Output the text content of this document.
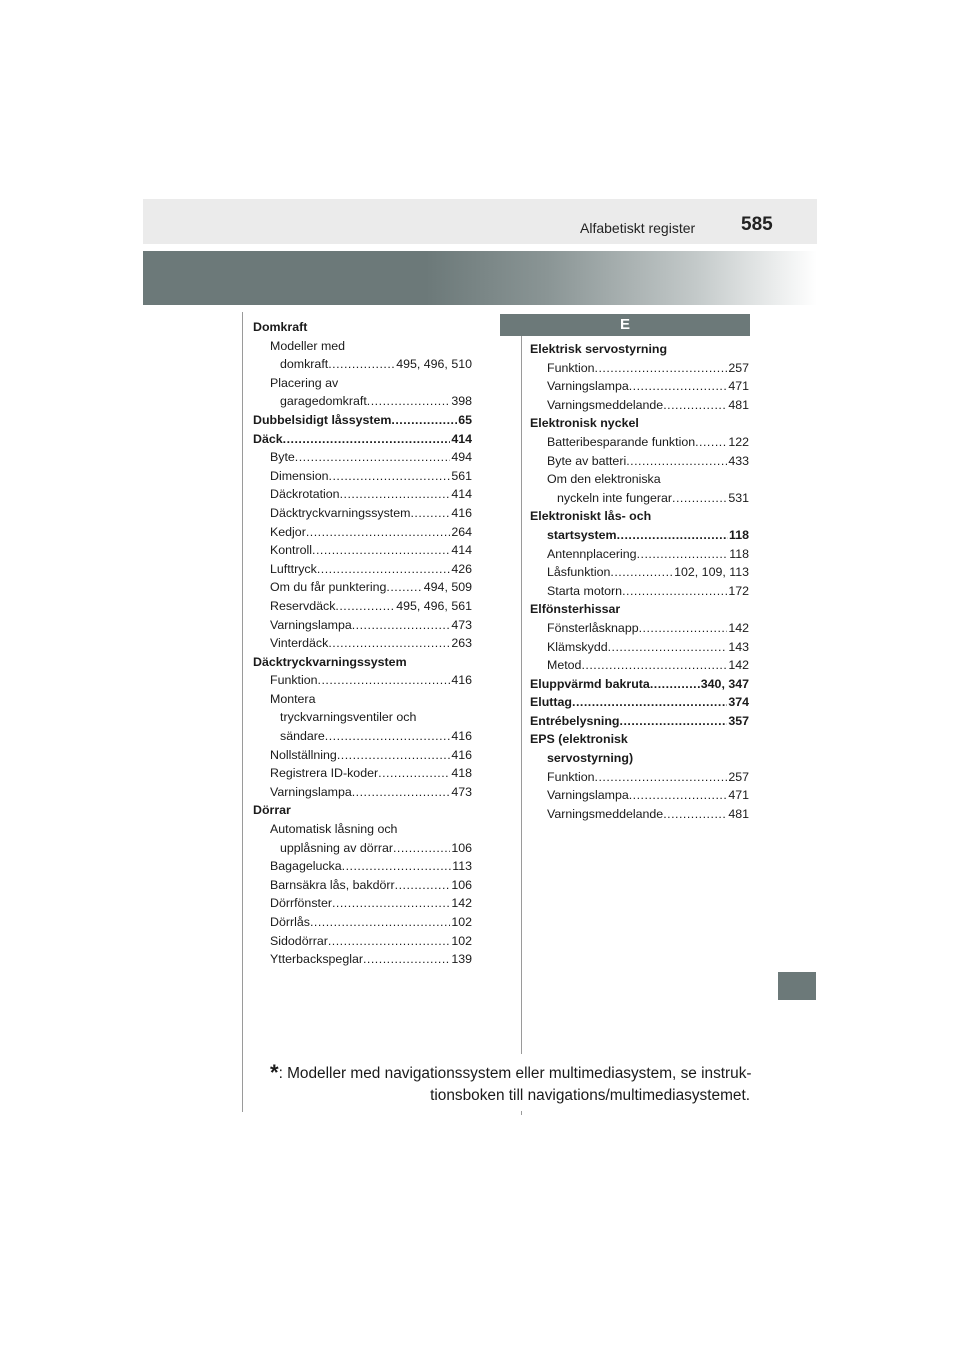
Alfabetiskt register 585
E
Domkraft
Modeller med
domkraft .....	495, 496, 510
Placering av
garagedomkraft .....	398
Dubbelsidigt låssystem .....	65
Däck .....	414
Byte .....	494
Dimension .....	561
Däckrotation .....	414
Däcktryckvarningssystem .....	416
Kedjor .....	264
Kontroll .....	414
Lufttryck .....	426
Om du får punktering .....	494, 509
Reservdäck .....	495, 496, 561
Varningslampa .....	473
Vinterdäck .....	263
Däcktryckvarningssystem
Funktion .....	416
Montera
tryckvarningsventiler och
sändare .....	416
Nollställning .....	416
Registrera ID-koder .....	418
Varningslampa .....	473
Dörrar
Automatisk låsning och
upplåsning av dörrar .....	106
Bagagelucka .....	113
Barnsäkra lås, bakdörr .....	106
Dörrfönster .....	142
Dörrlås .....	102
Sidodörrar .....	102
Ytterbackspeglar .....	139
Elektrisk servostyrning
Funktion .....	257
Varningslampa .....	471
Varningsmeddelande .....	481
Elektronisk nyckel
Batteribesparande funktion .....	122
Byte av batteri .....	433
Om den elektroniska
nyckeln inte fungerar .....	531
Elektroniskt lås- och
startsystem .....	118
Antennplacering .....	118
Låsfunktion .....	102, 109, 113
Starta motorn .....	172
Elfönsterhissar
Fönsterlåsknapp .....	142
Klämskydd .....	143
Metod .....	142
Eluppvärmd bakruta .....	340, 347
Eluttag .....	374
Entrébelysning .....	357
EPS (elektronisk
servostyrning)
Funktion .....	257
Varningslampa .....	471
Varningsmeddelande .....	481
*: Modeller med navigationssystem eller multimediasystem, se instruk-
tionsboken till navigations/multimediasystemet.
